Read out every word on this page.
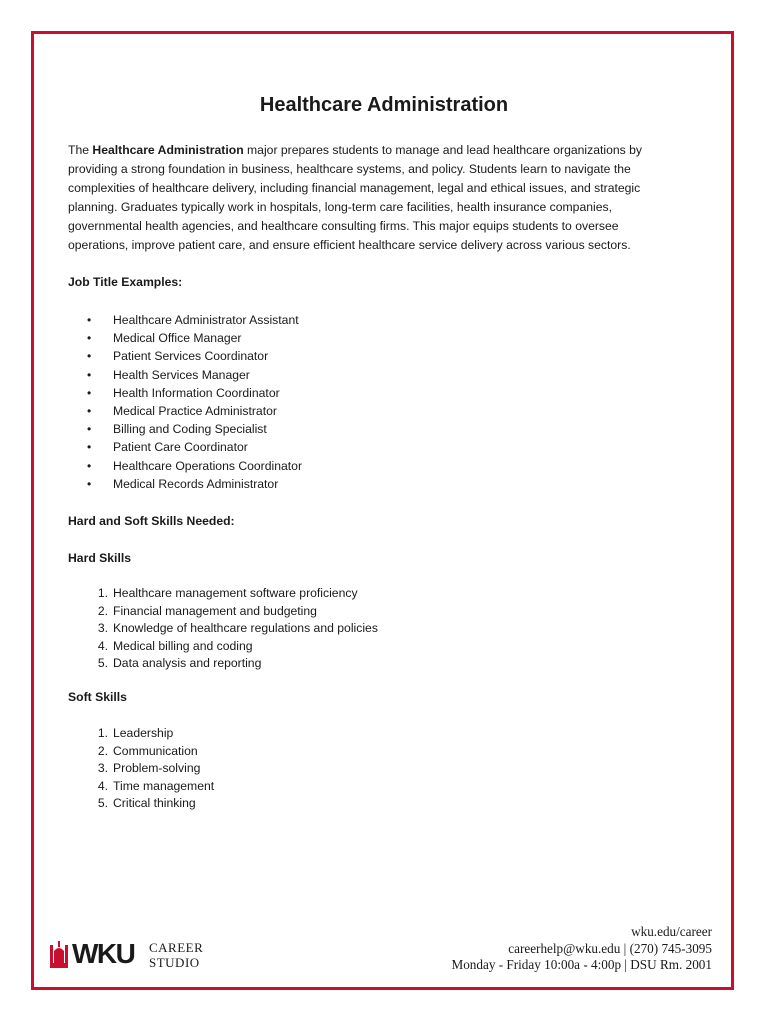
Healthcare Administration

The Healthcare Administration major prepares students to manage and lead healthcare organizations by providing a strong foundation in business, healthcare systems, and policy. Students learn to navigate the complexities of healthcare delivery, including financial management, legal and ethical issues, and strategic planning. Graduates typically work in hospitals, long-term care facilities, health insurance companies, governmental health agencies, and healthcare consulting firms. This major equips students to oversee operations, improve patient care, and ensure efficient healthcare service delivery across various sectors.

Job Title Examples:

•	Healthcare Administrator Assistant
•	Medical Office Manager
•	Patient Services Coordinator
•	Health Services Manager
•	Health Information Coordinator
•	Medical Practice Administrator
•	Billing and Coding Specialist
•	Patient Care Coordinator
•	Healthcare Operations Coordinator
•	Medical Records Administrator

Hard and Soft Skills Needed:

Hard Skills

1. Healthcare management software proficiency
2. Financial management and budgeting
3. Knowledge of healthcare regulations and policies
4. Medical billing and coding
5. Data analysis and reporting

Soft Skills

1. Leadership
2. Communication
3. Problem-solving
4. Time management
5. Critical thinking
WKU CAREER
STUDIO
wku.edu/career
careerhelp@wku.edu | (270) 745-3095
Monday - Friday 10:00a - 4:00p | DSU Rm. 2001
